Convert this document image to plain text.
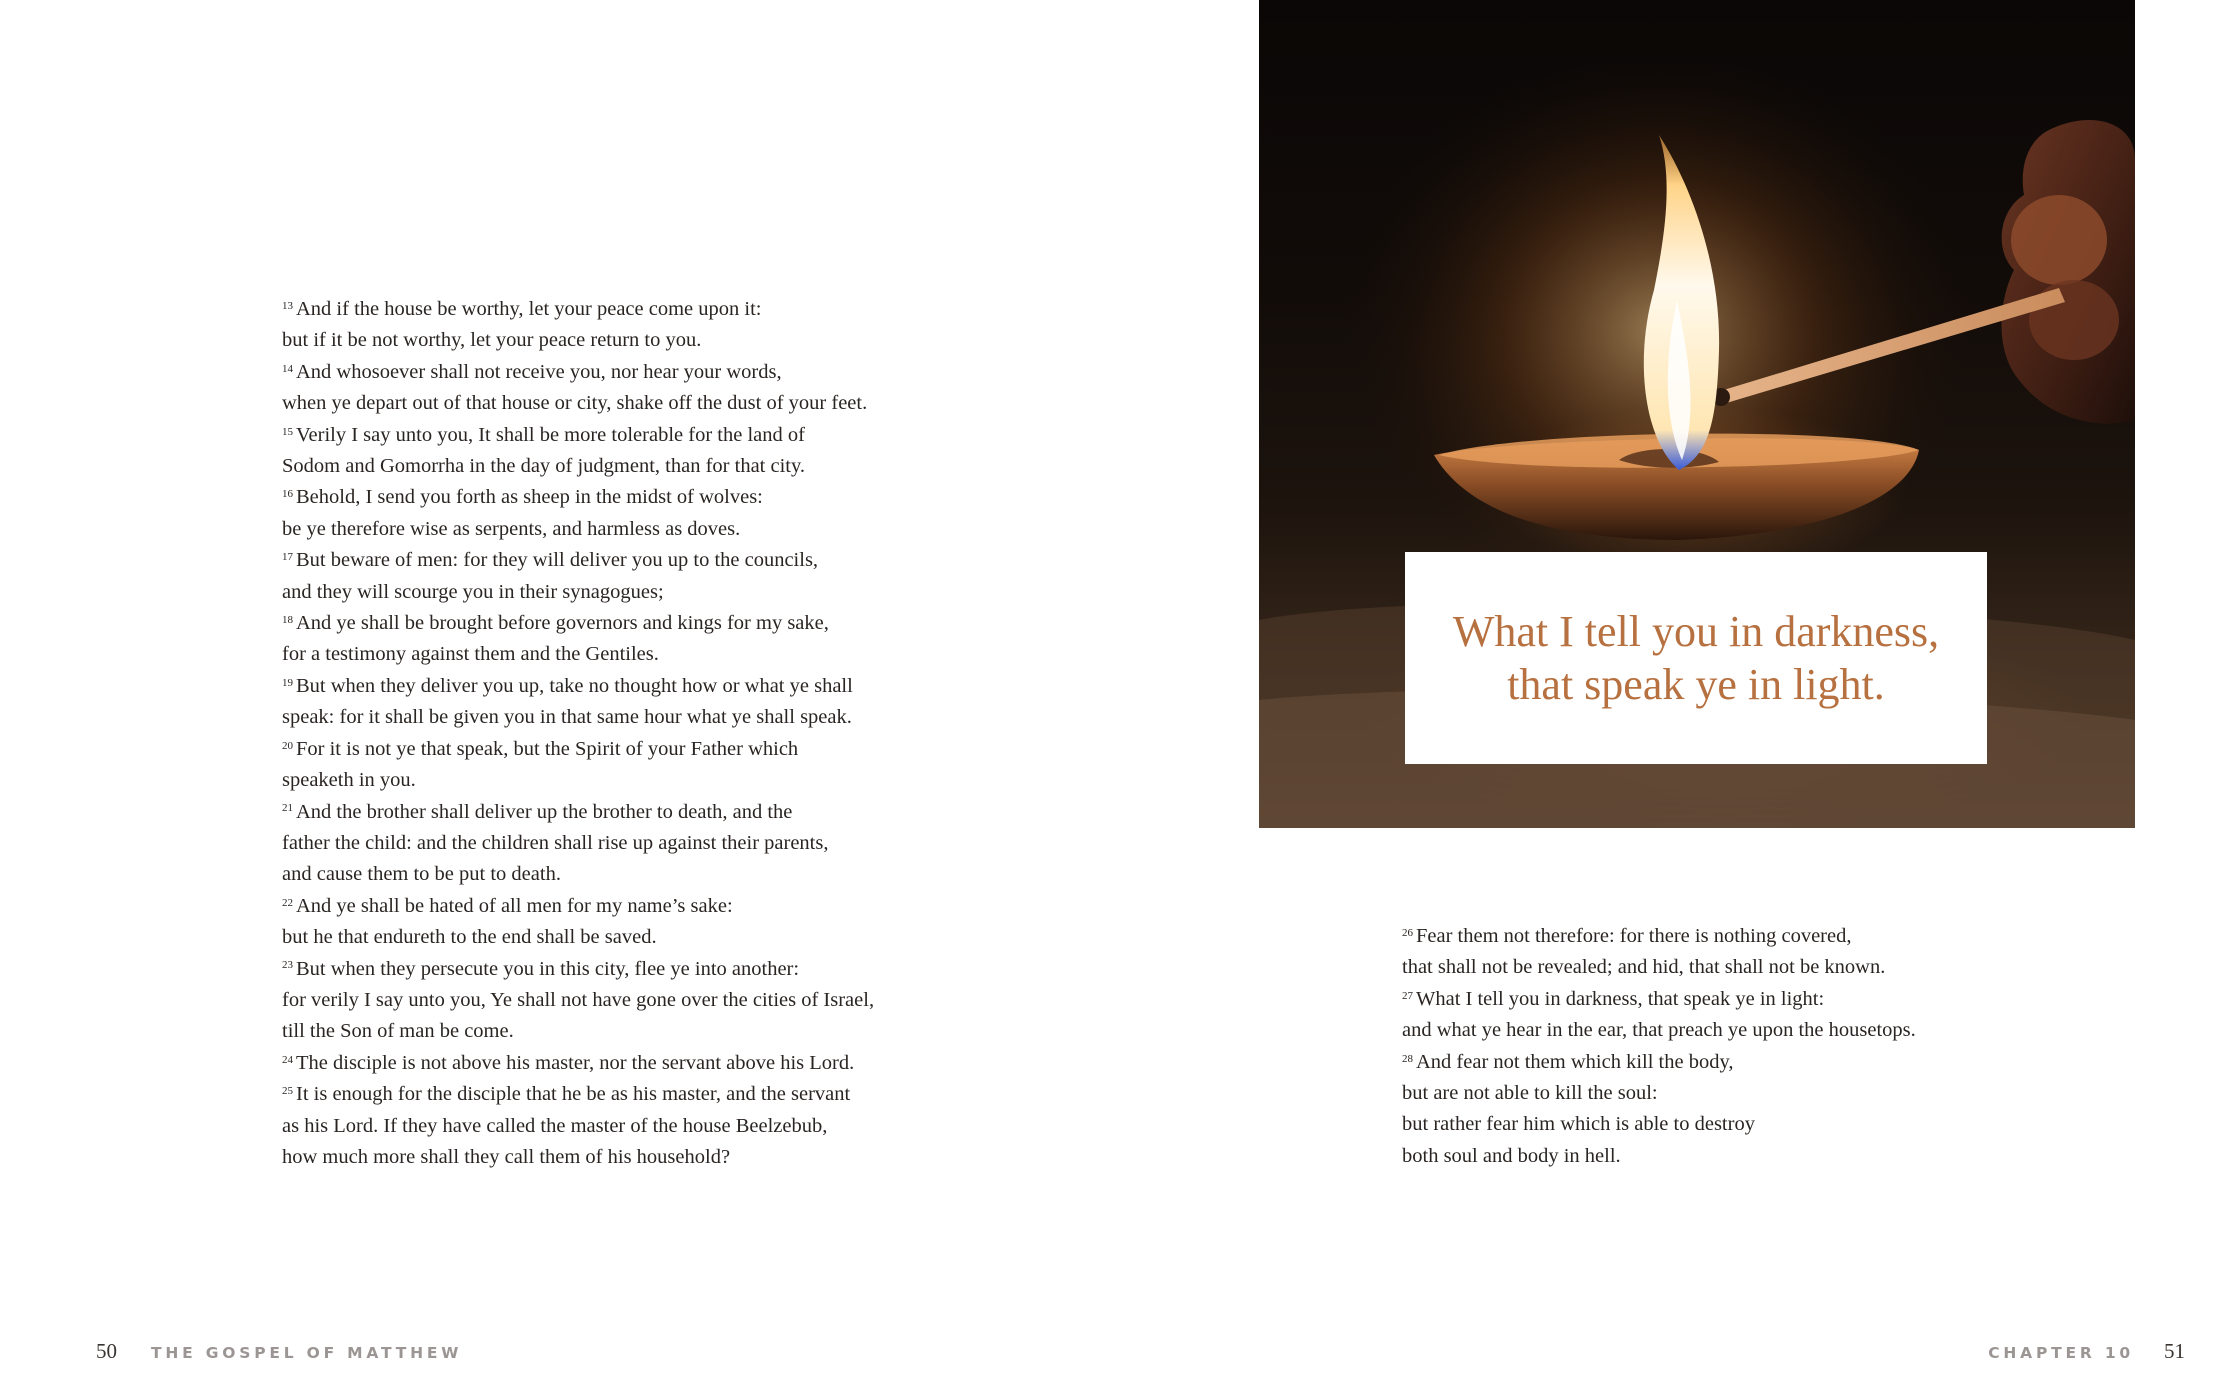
$^{13}$ And if the house be worthy, let your peace come upon it:
but if it be not worthy, let your peace return to you.
$^{14}$ And whosoever shall not receive you, nor hear your words,
when ye depart out of that house or city, shake off the dust of your feet.
$^{15}$ Verily I say unto you, It shall be more tolerable for the land of
Sodom and Gomorrha in the day of judgment, than for that city.
$^{16}$ Behold, I send you forth as sheep in the midst of wolves:
be ye therefore wise as serpents, and harmless as doves.
$^{17}$ But beware of men: for they will deliver you up to the councils,
and they will scourge you in their synagogues;
$^{18}$ And ye shall be brought before governors and kings for my sake,
for a testimony against them and the Gentiles.
$^{19}$ But when they deliver you up, take no thought how or what ye shall
speak: for it shall be given you in that same hour what ye shall speak.
$^{20}$ For it is not ye that speak, but the Spirit of your Father which
speaketh in you.
$^{21}$ And the brother shall deliver up the brother to death, and the
father the child: and the children shall rise up against their parents,
and cause them to be put to death.
$^{22}$ And ye shall be hated of all men for my name’s sake:
but he that endureth to the end shall be saved.
$^{23}$ But when they persecute you in this city, flee ye into another:
for verily I say unto you, Ye shall not have gone over the cities of Israel,
till the Son of man be come.
$^{24}$ The disciple is not above his master, nor the servant above his Lord.
$^{25}$ It is enough for the disciple that he be as his master, and the servant
as his Lord. If they have called the master of the house Beelzebub,
how much more shall they call them of his household?
50 THE GOSPEL OF MATTHEW
What I tell you in darkness,
that speak ye in light.
$^{26}$ Fear them not therefore: for there is nothing covered,
that shall not be revealed; and hid, that shall not be known.
$^{27}$ What I tell you in darkness, that speak ye in light:
and what ye hear in the ear, that preach ye upon the housetops.
$^{28}$ And fear not them which kill the body,
but are not able to kill the soul:
but rather fear him which is able to destroy
both soul and body in hell.
CHAPTER 10 51
